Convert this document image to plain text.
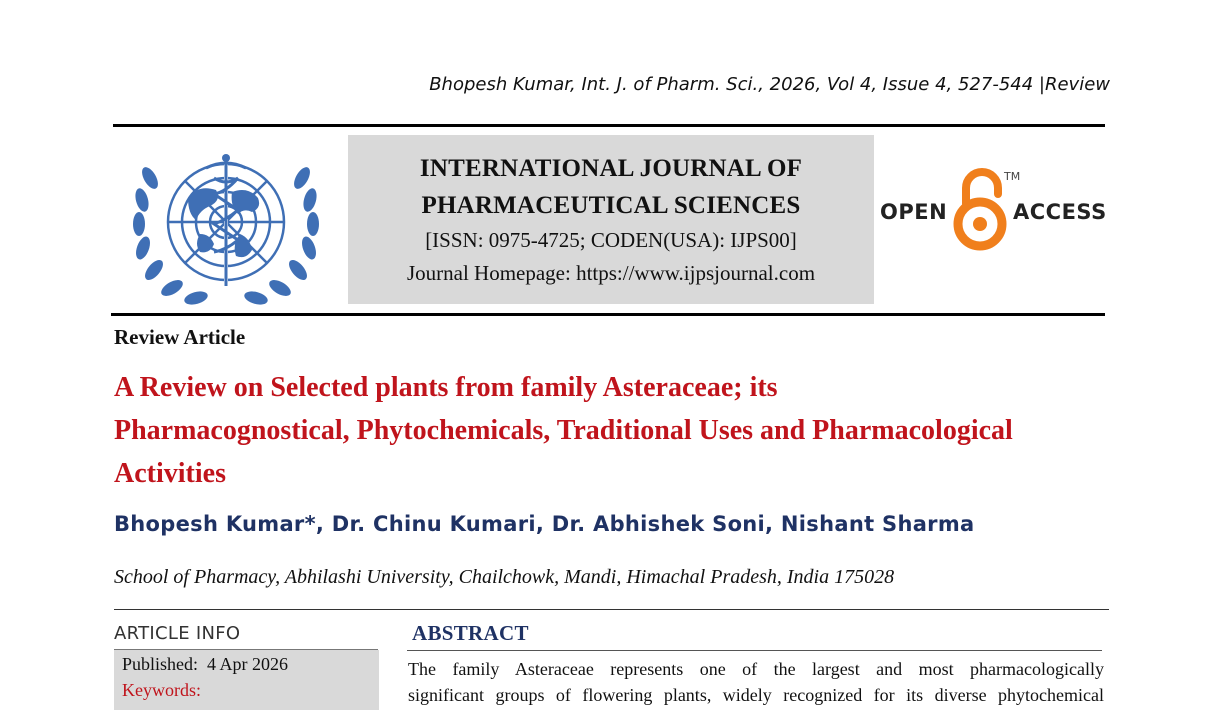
Bhopesh Kumar, Int. J. of Pharm. Sci., 2026, Vol 4, Issue 4, 527-544 |Review
INTERNATIONAL JOURNAL OF
PHARMACEUTICAL SCIENCES
[ISSN: 0975-4725; CODEN(USA): IJPS00]
Journal Homepage: https://www.ijpsjournal.com
OPEN
TM
ACCESS
Review Article
A Review on Selected plants from family Asteraceae; its Pharmacognostical, Phytochemicals, Traditional Uses and Pharmacological Activities
Bhopesh Kumar*, Dr. Chinu Kumari, Dr. Abhishek Soni, Nishant Sharma
School of Pharmacy, Abhilashi University, Chailchowk, Mandi, Himachal Pradesh, India 175028
ARTICLE INFO
Published: 4 Apr 2026
Keywords:
ABSTRACT
The family Asteraceae represents one of the largest and most pharmacologically
significant groups of flowering plants, widely recognized for its diverse phytochemical
